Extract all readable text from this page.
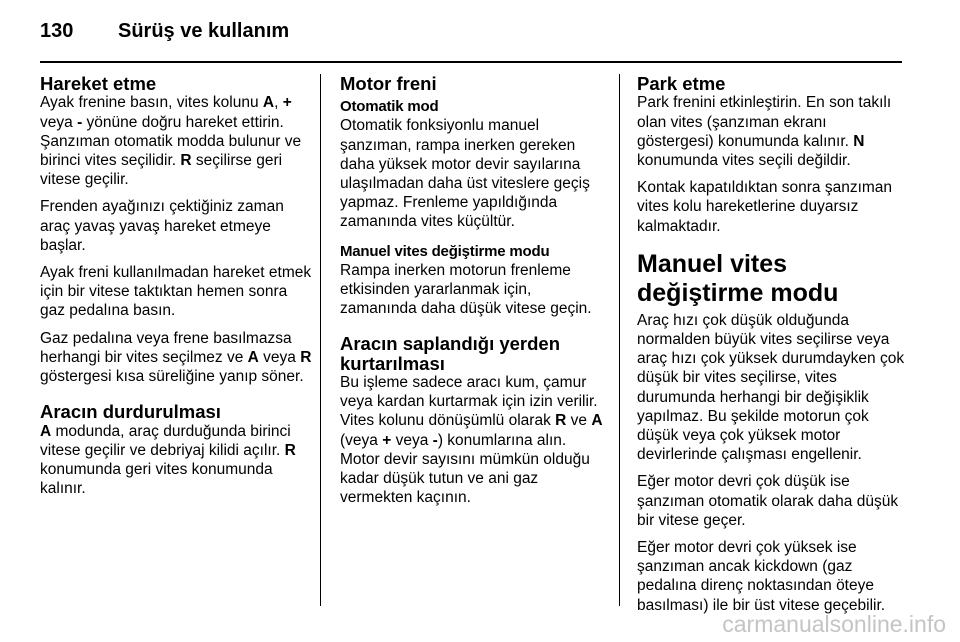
130 Sürüş ve kullanım
Hareket etme

Ayak frenine basın, vites kolunu A, + veya - yönüne doğru hareket ettirin. Şanzıman otomatik modda bulunur ve birinci vites seçilidir. R seçilirse geri vitese geçilir.

Frenden ayağınızı çektiğiniz zaman araç yavaş yavaş hareket etmeye başlar.

Ayak freni kullanılmadan hareket etmek için bir vitese taktıktan hemen sonra gaz pedalına basın.

Gaz pedalına veya frene basılmazsa herhangi bir vites seçilmez ve A veya R göstergesi kısa süreliğine yanıp söner.

Aracın durdurulması

A modunda, araç durduğunda birinci vitese geçilir ve debriyaj kilidi açılır. R konumunda geri vites konumunda kalınır.

Motor freni
Otomatik mod

Otomatik fonksiyonlu manuel şanzıman, rampa inerken gereken daha yüksek motor devir sayılarına ulaşılmadan daha üst viteslere geçiş yapmaz. Frenleme yapıldığında zamanında vites küçültür.

Manuel vites değiştirme modu

Rampa inerken motorun frenleme etkisinden yararlanmak için, zamanında daha düşük vitese geçin.

Aracın saplandığı yerden kurtarılması

Bu işleme sadece aracı kum, çamur veya kardan kurtarmak için izin verilir. Vites kolunu dönüşümlü olarak R ve A (veya + veya -) konumlarına alın. Motor devir sayısını mümkün olduğu kadar düşük tutun ve ani gaz vermekten kaçının.

Park etme

Park frenini etkinleştirin. En son takılı olan vites (şanzıman ekranı göstergesi) konumunda kalınır. N konumunda vites seçili değildir.

Kontak kapatıldıktan sonra şanzıman vites kolu hareketlerine duyarsız kalmaktadır.

Manuel vites değiştirme modu

Araç hızı çok düşük olduğunda normalden büyük vites seçilirse veya araç hızı çok yüksek durumdayken çok düşük bir vites seçilirse, vites durumunda herhangi bir değişiklik yapılmaz. Bu şekilde motorun çok düşük veya çok yüksek motor devirlerinde çalışması engellenir.

Eğer motor devri çok düşük ise şanzıman otomatik olarak daha düşük bir vitese geçer.

Eğer motor devri çok yüksek ise şanzıman ancak kickdown (gaz pedalına direnç noktasından öteye basılması) ile bir üst vitese geçebilir.

carmanualsonline.info
